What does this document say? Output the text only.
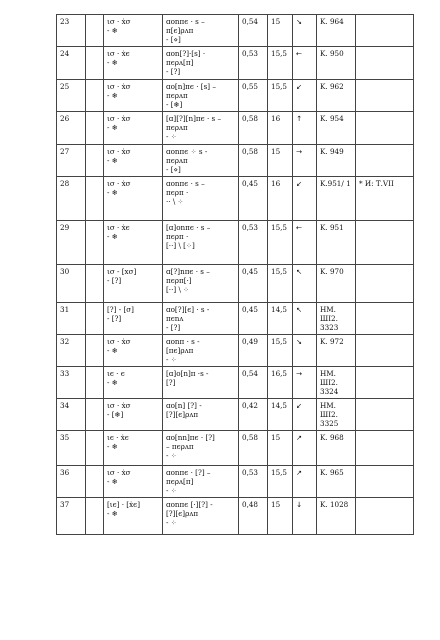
23		ισ · ẋσ
- ❄	ɑonπϵ · s –
π[ϵ]ρʌπ
- [⋄]	0,54	15	↘	K. 964	

24		ισ · ẋϵ
- ❄	ɑon[?]·[s] ·
πϵρʌ[π]
- [?]	0,53	15,5	←	K. 950	

25		ισ · ẋσ
- ❄	ɑo[n]πϵ · [s] –
πϵρʌπ
- [❄]	0,55	15,5	↙	K. 962	

26		ισ · ẋσ
- ❄	[ɑ][?][n]πϵ · s –
πϵρʌπ
- ⁘	0,58	16	↑	K. 954	

27		ισ · ẋσ
- ❄	ɑonπϵ ⁘ s -
πϵρʌπ
- [⋄]	0,58	15	→	K. 949	

28		ισ · ẋσ
- ❄	ɑonπϵ · s –
πϵρπ ·
·· \ ⁘	0,45	16	↙	K.951/ 1	* И: Т.VII

29		ισ · ẋϵ
- ❄	[ɑ]onπϵ · s –
πϵρπ ·
[··] \ [⁘]	0,53	15,5	←	K. 951	

30		ισ - [xσ]
- [?]	ɑ[?]nπϵ · s –
πϵρπ[·]
[··] \ ⁘	0,45	15,5	↖	K. 970	

31		[?] - [σ]
- [?]	ɑo[?][ϵ] · s -
πϵnʌ
- [?]	0,45	14,5	↖	НМ. ШI2. 3323	

32		ισ · ẋσ
- ❄	ɑonπ · s -
[πϵ]ρʌπ
- ⁘	0,49	15,5	↘	K. 972	

33		ιϵ · ϵ
- ❄	[ɑ]o[n]π ·s -
[?]	0,54	16,5	→	НМ. ШI2. 3324	

34		ισ · ẋσ
- [❄]	ɑo[n] [?] -
[?][ϵ]ρʌπ	0,42	14,5	↙	НМ. ШI2. 3325	

35		ιϵ · ẋϵ
- ❄	ɑo[nn]πϵ · [?]
– πϵρʌπ
- ⁘	0,58	15	↗	K. 968	

36		ισ · ẋσ
- ❄	ɑonπϵ · [?] –
πϵρʌ[π]
- ⁘	0,53	15,5	↗	K. 965	

37		[ιϵ] · [ẋϵ]
- ❄	ɑonπϵ [·][?] -
[?][ϵ]ρʌπ
- ⁘	0,48	15	↓	K. 1028	
